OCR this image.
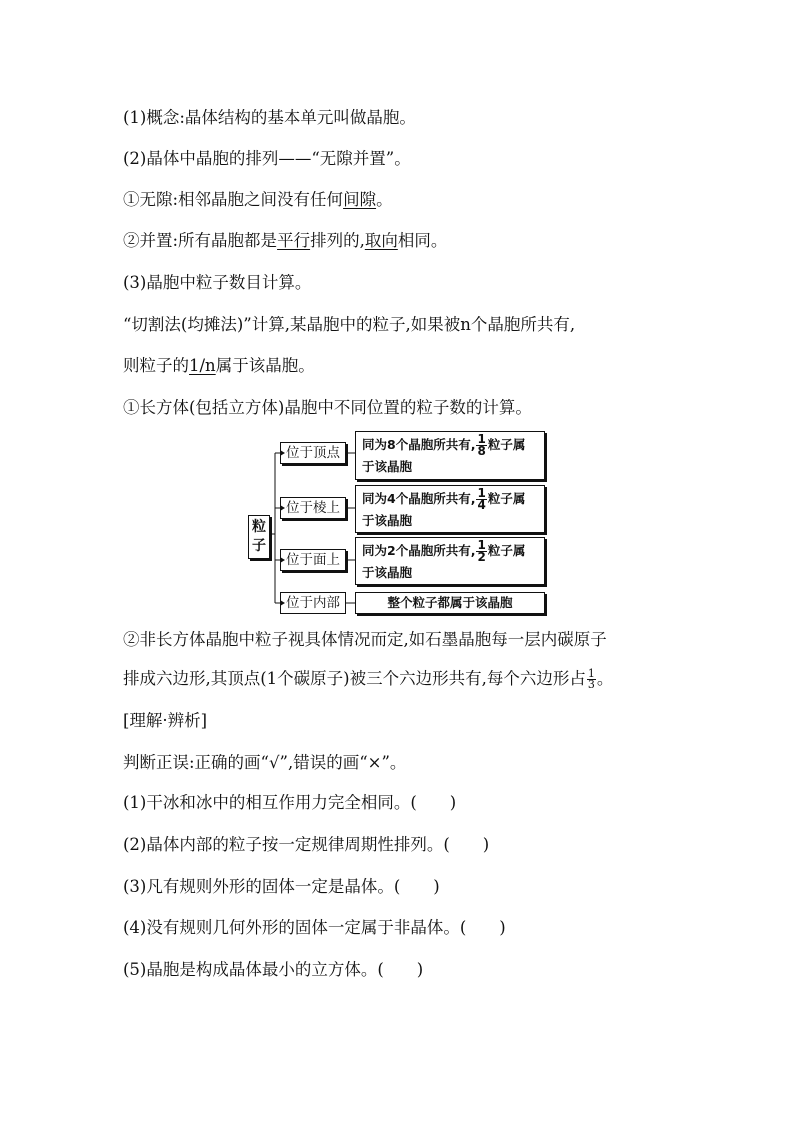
(1)概念:晶体结构的基本单元叫做晶胞。
(2)晶体中晶胞的排列——“无隙并置”。
①无隙:相邻晶胞之间没有任何间隙。
②并置:所有晶胞都是平行排列的,取向相同。
(3)晶胞中粒子数目计算。
“切割法(均摊法)”计算,某晶胞中的粒子,如果被n个晶胞所共有,
则粒子的1/n属于该晶胞。
①长方体(包括立方体)晶胞中不同位置的粒子数的计算。
粒
子
位于顶点
位于棱上
位于面上
位于内部
同为8个晶胞所共有, $\frac{1}{8}$ 粒子属
于该晶胞
同为4个晶胞所共有, $\frac{1}{4}$ 粒子属
于该晶胞
同为2个晶胞所共有, $\frac{1}{2}$ 粒子属
于该晶胞
整个粒子都属于该晶胞
②非长方体晶胞中粒子视具体情况而定,如石墨晶胞每一层内碳原子
排成六边形,其顶点(1个碳原子)被三个六边形共有,每个六边形占 $\frac{1}{3}$ 。
[理解·辨析]
判断正误:正确的画“√”,错误的画“×”。
(1)干冰和冰中的相互作用力完全相同。(　　)
(2)晶体内部的粒子按一定规律周期性排列。(　　)
(3)凡有规则外形的固体一定是晶体。(　　)
(4)没有规则几何外形的固体一定属于非晶体。(　　)
(5)晶胞是构成晶体最小的立方体。(　　)
